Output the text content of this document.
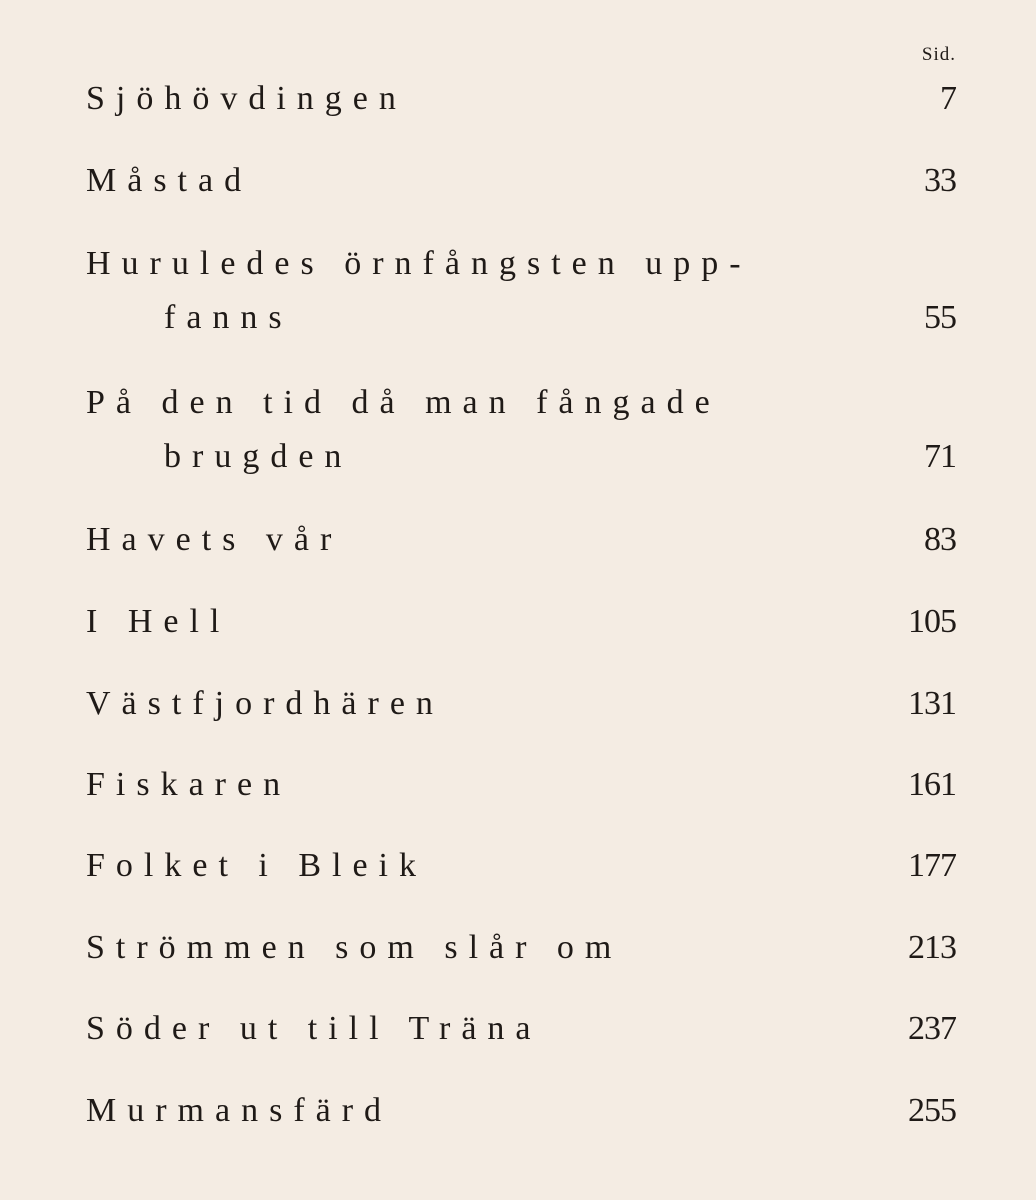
Sid.
Sjöhövdingen	7
Måstad	33
Huruledes örnfångsten upp-
fanns	55
På den tid då man fångade
brugden	71
Havets vår	83
I Hell	105
Västfjordhären	131
Fiskaren	161
Folket i Bleik	177
Strömmen som slår om	213
Söder ut till Träna	237
Murmansfärd	255
